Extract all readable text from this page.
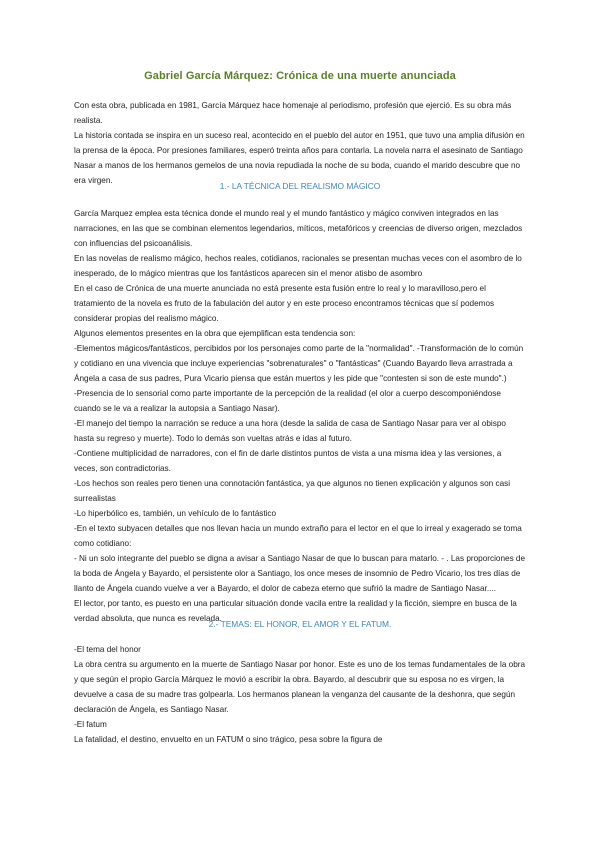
Gabriel García Márquez: Crónica de una muerte anunciada

Con esta obra, publicada en 1981, García Márquez hace homenaje al periodismo, profesión que ejerció. Es su obra más realista.

La historia contada se inspira en un suceso real, acontecido en el pueblo del autor en 1951, que tuvo una amplia difusión en la prensa de la época. Por presiones familiares, esperó treinta años para contarla. La novela narra el asesinato de Santiago Nasar a manos de los hermanos gemelos de una novia repudiada la noche de su boda, cuando el marido descubre que no era virgen.

1.- LA TÉCNICA DEL REALISMO MÁGICO

García Marquez emplea esta técnica donde el mundo real y el mundo fantástico y mágico conviven integrados en las narraciones, en las que se combinan elementos legendarios, míticos, metafóricos y creencias de diverso origen, mezclados con influencias del psicoanálisis.

En las novelas de realismo mágico, hechos reales, cotidianos, racionales se presentan muchas veces con el asombro de lo inesperado, de lo mágico mientras que los fantásticos aparecen sin el menor atisbo de asombro

En el caso de Crónica de una muerte anunciada no está presente esta fusión entre lo real y lo maravilloso,pero el tratamiento de la novela es fruto de la fabulación del autor y en este proceso encontramos técnicas que sí podemos considerar propias del realismo mágico.

Algunos elementos presentes en la obra que ejemplifican esta tendencia son:

-Elementos mágicos/fantásticos, percibidos por los personajes como parte de la "normalidad". -Transformación de lo común y cotidiano en una vivencia que incluye experiencias "sobrenaturales" o "fantásticas" (Cuando Bayardo lleva arrastrada a Ángela a casa de sus padres, Pura Vicario piensa que están muertos y les pide que "contesten si son de este mundo".)

-Presencia de lo sensorial como parte importante de la percepción de la realidad (el olor a cuerpo descomponiéndose cuando se le va a realizar la autopsia a Santiago Nasar).

-El manejo del tiempo la narración se reduce a una hora (desde la salida de casa de Santiago Nasar para ver al obispo hasta su regreso y muerte). Todo lo demás son vueltas atrás e idas al futuro.

-Contiene multiplicidad de narradores, con el fin de darle distintos puntos de vista a una misma idea y las versiones, a veces, son contradictorias.

-Los hechos son reales pero tienen una connotación fantástica, ya que algunos no tienen explicación y algunos son casi surrealistas

-Lo hiperbólico es, también, un vehículo de lo fantástico

-En el texto subyacen detalles que nos llevan hacia un mundo extraño para el lector en el que lo irreal y exagerado se toma como cotidiano:

- Ni un solo integrante del pueblo se digna a avisar a Santiago Nasar de que lo buscan para matarlo. - . Las proporciones de la boda de Ángela y Bayardo, el persistente olor a Santiago, los once meses de insomnio de Pedro Vicario, los tres días de llanto de Ángela cuando vuelve a ver a Bayardo, el dolor de cabeza eterno que sufrió la madre de Santiago Nasar....

El lector, por tanto, es puesto en una particular situación donde vacila entre la realidad y la ficción, siempre en busca de la verdad absoluta, que nunca es revelada.

2.- TEMAS: EL HONOR, EL AMOR Y EL FATUM.

-El tema del honor

La obra centra su argumento en la muerte de Santiago Nasar por honor. Este es uno de los temas fundamentales de la obra y que según el propio García Márquez le movió a escribir la obra. Bayardo, al descubrir que su esposa no es virgen, la devuelve a casa de su madre tras golpearla. Los hermanos planean la venganza del causante de la deshonra, que según declaración de Ángela, es Santiago Nasar.

-El fatum

La fatalidad, el destino, envuelto en un FATUM o sino trágico, pesa sobre la figura de
